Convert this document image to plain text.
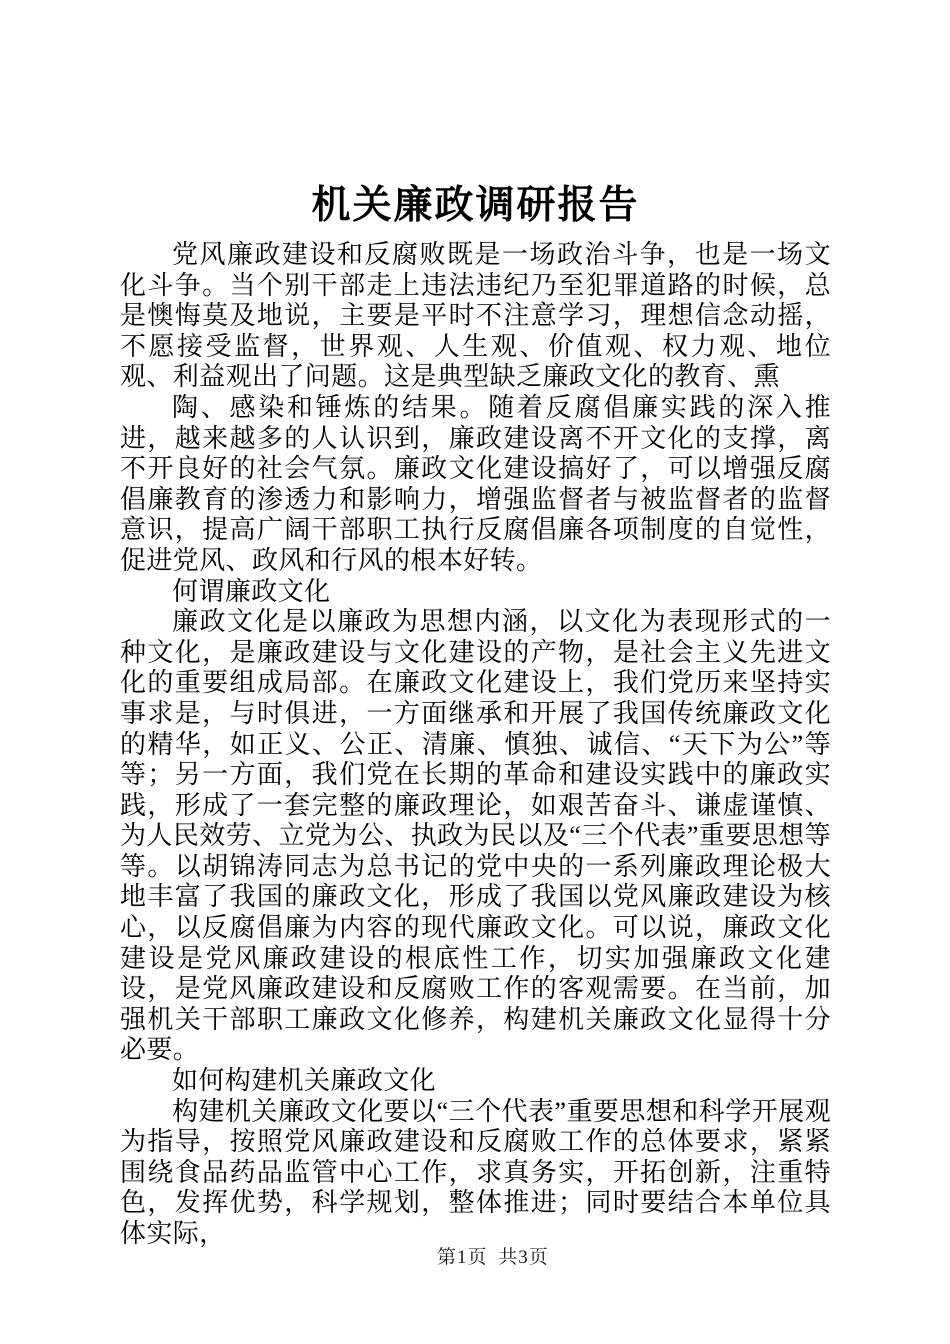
机关廉政调研报告

党风廉政建设和反腐败既是一场政治斗争，也是一场文化斗争。当个别干部走上违法违纪乃至犯罪道路的时候，总是懊悔莫及地说，主要是平时不注意学习，理想信念动摇，不愿接受监督，世界观、人生观、价值观、权力观、地位观、利益观出了问题。这是典型缺乏廉政文化的教育、熏

陶、感染和锤炼的结果。随着反腐倡廉实践的深入推进，越来越多的人认识到，廉政建设离不开文化的支撑，离不开良好的社会气氛。廉政文化建设搞好了，可以增强反腐倡廉教育的渗透力和影响力，增强监督者与被监督者的监督意识，提高广阔干部职工执行反腐倡廉各项制度的自觉性，促进党风、政风和行风的根本好转。

何谓廉政文化

廉政文化是以廉政为思想内涵，以文化为表现形式的一种文化，是廉政建设与文化建设的产物，是社会主义先进文化的重要组成局部。在廉政文化建设上，我们党历来坚持实事求是，与时俱进，一方面继承和开展了我国传统廉政文化的精华，如正义、公正、清廉、慎独、诚信、“天下为公”等等；另一方面，我们党在长期的革命和建设实践中的廉政实践，形成了一套完整的廉政理论，如艰苦奋斗、谦虚谨慎、为人民效劳、立党为公、执政为民以及“三个代表”重要思想等等。以胡锦涛同志为总书记的党中央的一系列廉政理论极大地丰富了我国的廉政文化，形成了我国以党风廉政建设为核心，以反腐倡廉为内容的现代廉政文化。可以说，廉政文化建设是党风廉政建设的根底性工作，切实加强廉政文化建设，是党风廉政建设和反腐败工作的客观需要。在当前，加强机关干部职工廉政文化修养，构建机关廉政文化显得十分必要。

如何构建机关廉政文化

构建机关廉政文化要以“三个代表”重要思想和科学开展观为指导，按照党风廉政建设和反腐败工作的总体要求，紧紧围绕食品药品监管中心工作，求真务实，开拓创新，注重特色，发挥优势，科学规划，整体推进；同时要结合本单位具体实际，

第1页 共3页
